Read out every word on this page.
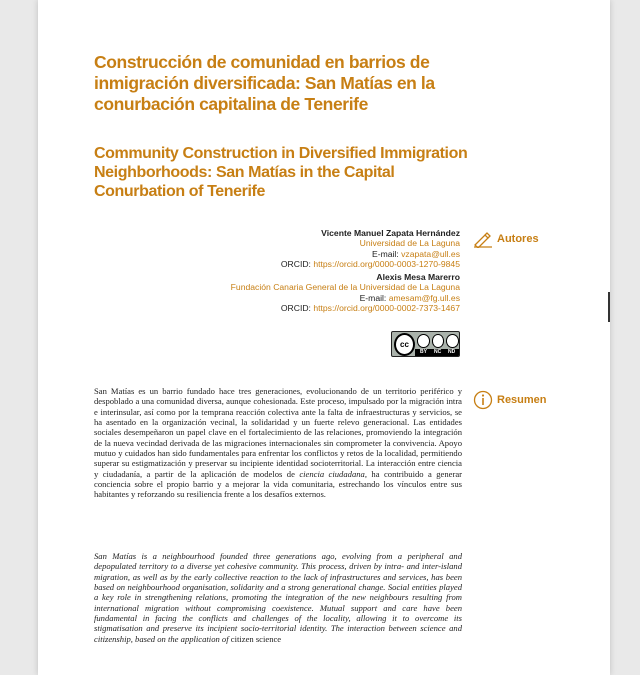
Construcción de comunidad en barrios de inmigración diversificada: San Matías en la conurbación capitalina de Tenerife
Community Construction in Diversified Immigration Neighborhoods: San Matías in the Capital Conurbation of Tenerife
Vicente Manuel Zapata Hernández
Universidad de La Laguna
E-mail: vzapata@ull.es
ORCID: https://orcid.org/0000-0003-1270-9845
Alexis Mesa Marerro
Fundación Canaria General de la Universidad de La Laguna
E-mail: amesam@fg.ull.es
ORCID: https://orcid.org/0000-0002-7373-1467
cc
BY NC ND
Autores
Resumen
San Matías es un barrio fundado hace tres generaciones, evolucionando de un territorio periférico y despoblado a una comunidad diversa, aunque cohesionada. Este proceso, impulsado por la migración intra e interinsular, así como por la temprana reacción colectiva ante la falta de infraestructuras y servicios, se ha asentado en la organización vecinal, la solidaridad y un fuerte relevo generacional. Las entidades sociales desempeñaron un papel clave en el fortalecimiento de las relaciones, promoviendo la integración de la nueva vecindad derivada de las migraciones internacionales sin comprometer la convivencia. Apoyo mutuo y cuidados han sido fundamentales para enfrentar los conflictos y retos de la localidad, permitiendo superar su estigmatización y preservar su incipiente identidad socioterritorial. La interacción entre ciencia y ciudadanía, a partir de la aplicación de modelos de ciencia ciudadana, ha contribuido a generar conciencia sobre el propio barrio y a mejorar la vida comunitaria, estrechando los vínculos entre sus habitantes y reforzando su resiliencia frente a los desafíos externos.
San Matías is a neighbourhood founded three generations ago, evolving from a peripheral and depopulated territory to a diverse yet cohesive community. This process, driven by intra- and inter-island migration, as well as by the early collective reaction to the lack of infrastructures and services, has been based on neighbourhood organisation, solidarity and a strong generational change. Social entities played a key role in strengthening relations, promoting the integration of the new neighbours resulting from international migration without compromising coexistence. Mutual support and care have been fundamental in facing the conflicts and challenges of the locality, allowing it to overcome its stigmatisation and preserve its incipient socio-territorial identity. The interaction between science and citizenship, based on the application of citizen science
